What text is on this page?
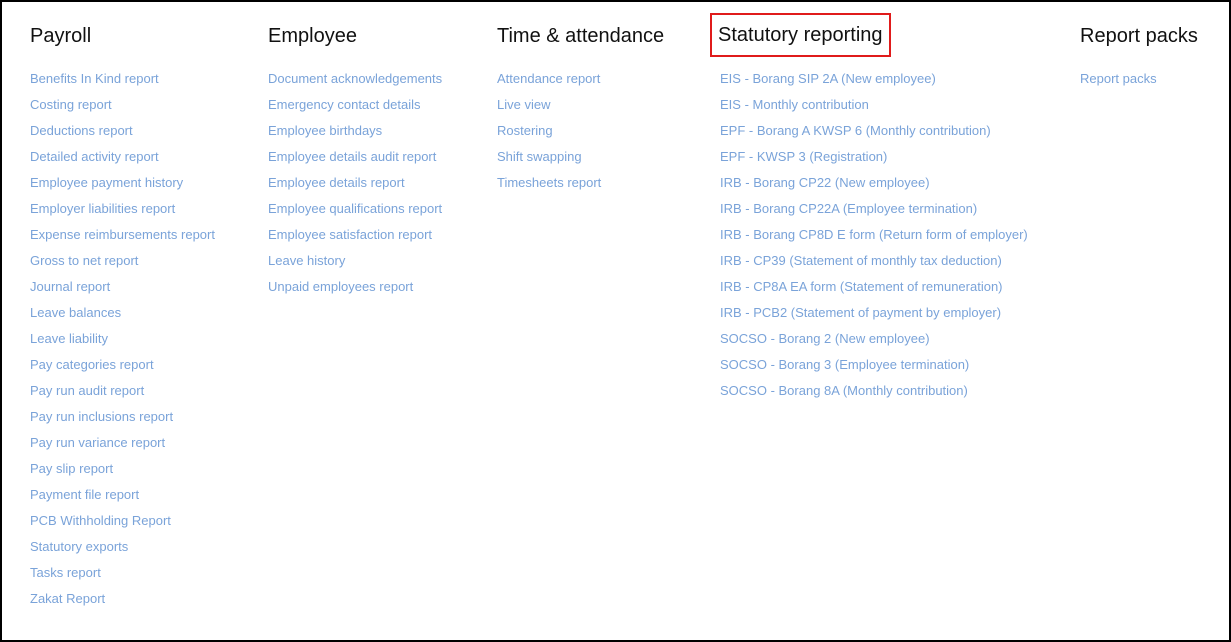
Payroll
Benefits In Kind report
Costing report
Deductions report
Detailed activity report
Employee payment history
Employer liabilities report
Expense reimbursements report
Gross to net report
Journal report
Leave balances
Leave liability
Pay categories report
Pay run audit report
Pay run inclusions report
Pay run variance report
Pay slip report
Payment file report
PCB Withholding Report
Statutory exports
Tasks report
Zakat Report
Employee
Document acknowledgements
Emergency contact details
Employee birthdays
Employee details audit report
Employee details report
Employee qualifications report
Employee satisfaction report
Leave history
Unpaid employees report
Time & attendance
Attendance report
Live view
Rostering
Shift swapping
Timesheets report
Statutory reporting
EIS - Borang SIP 2A (New employee)
EIS - Monthly contribution
EPF - Borang A KWSP 6 (Monthly contribution)
EPF - KWSP 3 (Registration)
IRB - Borang CP22 (New employee)
IRB - Borang CP22A (Employee termination)
IRB - Borang CP8D E form (Return form of employer)
IRB - CP39 (Statement of monthly tax deduction)
IRB - CP8A EA form (Statement of remuneration)
IRB - PCB2 (Statement of payment by employer)
SOCSO - Borang 2 (New employee)
SOCSO - Borang 3 (Employee termination)
SOCSO - Borang 8A (Monthly contribution)
Report packs
Report packs
